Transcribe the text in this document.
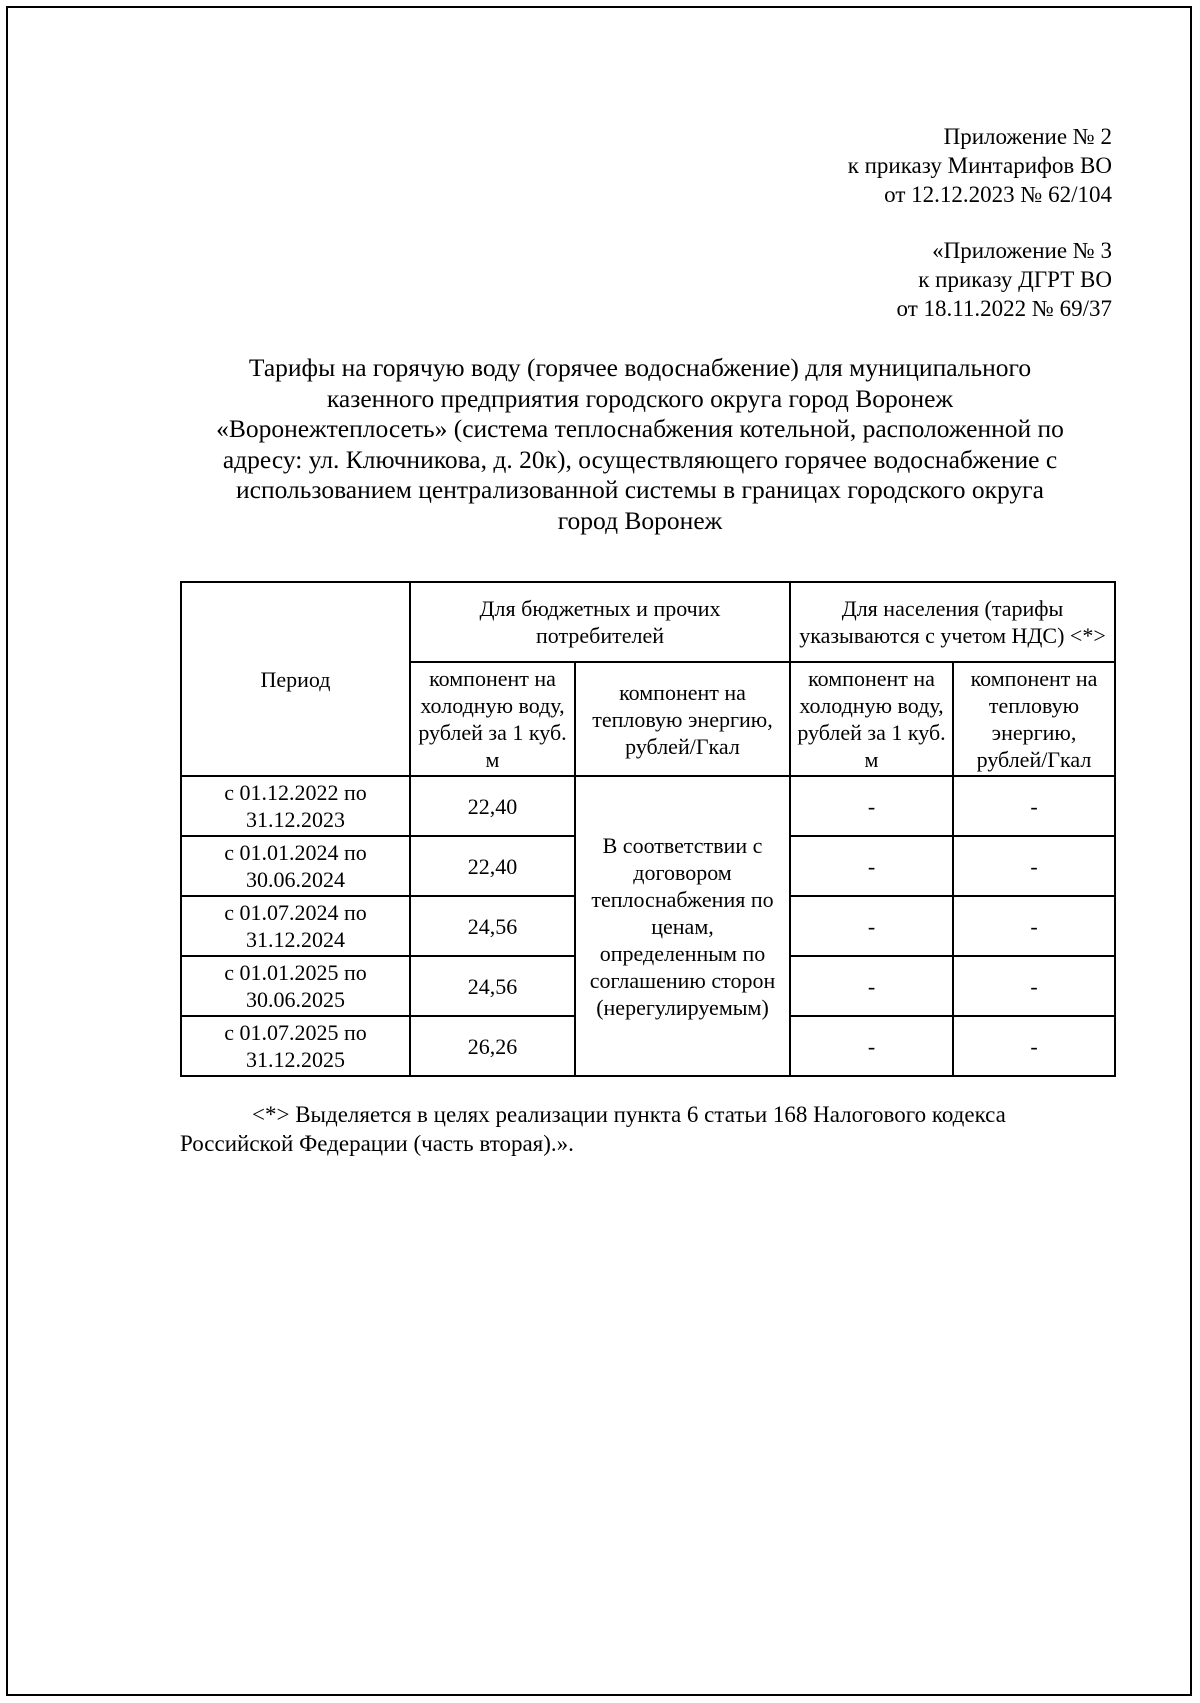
Приложение № 2
к приказу Минтарифов ВО
от 12.12.2023 № 62/104
«Приложение № 3
к приказу ДГРТ ВО
от 18.11.2022 № 69/37
Тарифы на горячую воду (горячее водоснабжение) для муниципального
казенного предприятия городского округа город Воронеж
«Воронежтеплосеть» (система теплоснабжения котельной, расположенной по
адресу: ул. Ключникова, д. 20к), осуществляющего горячее водоснабжение с
использованием централизованной системы в границах городского округа
город Воронеж
Период	Для бюджетных и прочих потребителей		Для населения (тарифы указываются с учетом НДС) <*>	
	компонент на холодную воду, рублей за 1 куб. м	компонент на тепловую энергию, рублей/Гкал	компонент на холодную воду, рублей за 1 куб. м	компонент на тепловую энергию, рублей/Гкал
с 01.12.2022 по 31.12.2023	22,40	В соответствии с договором теплоснабжения по ценам, определенным по соглашению сторон (нерегулируемым)	-	-
с 01.01.2024 по 30.06.2024	22,40		-	-
с 01.07.2024 по 31.12.2024	24,56		-	-
с 01.01.2025 по 30.06.2025	24,56		-	-
с 01.07.2025 по 31.12.2025	26,26		-	-
<*> Выделяется в целях реализации пункта 6 статьи 168 Налогового кодекса Российской Федерации (часть вторая).».
